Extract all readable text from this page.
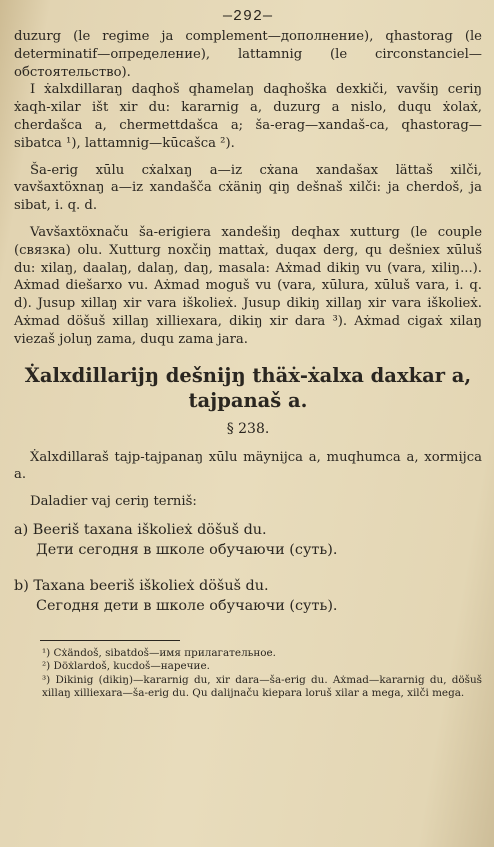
—292—

duzurg (le regime ja complement—дополнение), qhastorag (le determinatif—определение), lattamnig (le circonstanciel—обстоятельство).

I ẋalxdillaraŋ daqhoš qhamelaŋ daqhoška dexkiči, vavšiŋ ceriŋ ẋaqh-xilar išt xir du: kararnig a, duzurg a nislo, duqu ẋolaẋ, cherdašca a, chermettdašca a; ša-erag—xandaš-ca, qhastorag—sibatca ¹), lattamnig—kūcašca ²).

Ša-erig xūlu cẋalxaŋ a—iz cẋana xandašax lättaš xilči, vavšaxtöxnaŋ a—iz xandašča cẋäniŋ qiŋ dešnaš xilči: ja cherdoš, ja sibat, i. q. d.

Vavšaxtöxnaču ša-erigiera xandešiŋ deqhax xutturg (le couple (связка) olu. Xutturg noxčiŋ mattaẋ, duqax derg, qu dešniex xūluš du: xilaŋ, daalaŋ, dalaŋ, daŋ, masala: Aẋmad dikiŋ vu (vara, xiliŋ...). Aẋmad diešarxo vu. Aẋmad moguš vu (vara, xūlura, xūluš vara, i. q. d). Jusup xillaŋ xir vara iškolieẋ. Jusup dikiŋ xillaŋ xir vara iškolieẋ. Aẋmad döšuš xillaŋ xilliexara, dikiŋ xir dara ³). Aẋmad cigaẋ xilaŋ viezaš joluŋ zama, duqu zama jara.

Ẋalxdillarijŋ dešnijŋ thäẋ-ẋalxa daxkar a, tajpanaš a.
§ 238.

Ẋalxdillaraš tajp-tajpanaŋ xūlu mäynijca a, muqhumca a, xormijca a.

Daladier vaj ceriŋ terniš:

a) Beeriš taxana iškolieẋ döšuš du.

Дети сегодня в школе обучаючи (суть).

b) Taxana beeriš iškolieẋ döšuš du.

Сегодня дети в школе обучаючи (суть).

¹) Cẋändoš, sibatdoš—имя прилагательное.

²) Döẋlardoš, kucdoš—наречие.

³) Dikinig (dikiŋ)—kararnig du, xir dara—ša-erig du. Aẋmad—kararnig du, döšuš xillaŋ xilliexara—ša-erig du. Qu dalijnaču kiepara loruš xilar a mega, xilči mega.
